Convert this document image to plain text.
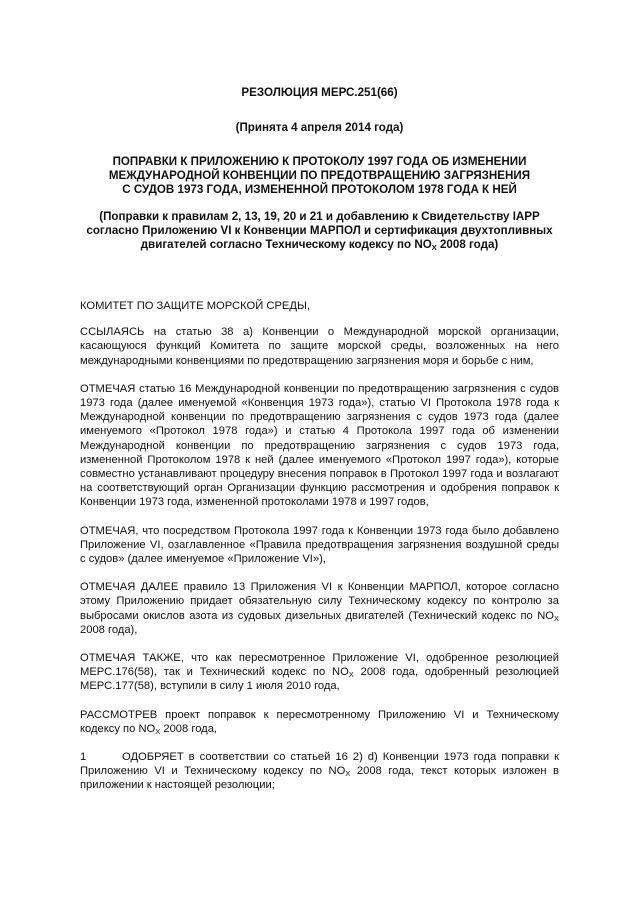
РЕЗОЛЮЦИЯ МЕРС.251(66)

(Принята 4 апреля 2014 года)

ПОПРАВКИ К ПРИЛОЖЕНИЮ К ПРОТОКОЛУ 1997 ГОДА ОБ ИЗМЕНЕНИИ
МЕЖДУНАРОДНОЙ КОНВЕНЦИИ ПО ПРЕДОТВРАЩЕНИЮ ЗАГРЯЗНЕНИЯ
С СУДОВ 1973 ГОДА, ИЗМЕНЕННОЙ ПРОТОКОЛОМ 1978 ГОДА К НЕЙ

(Поправки к правилам 2, 13, 19, 20 и 21 и добавлению к Свидетельству IAPP
согласно Приложению VI к Конвенции МАРПОЛ и сертификация двухтопливных
двигателей согласно Техническому кодексу по $NO_X$ 2008 года)

КОМИТЕТ ПО ЗАЩИТЕ МОРСКОЙ СРЕДЫ,

ССЫЛАЯСЬ на статью 38 а) Конвенции о Международной морской организации, касающуюся функций Комитета по защите морской среды, возложенных на него международными конвенциями по предотвращению загрязнения моря и борьбе с ним,

ОТМЕЧАЯ статью 16 Международной конвенции по предотвращению загрязнения с судов 1973 года (далее именуемой «Конвенция 1973 года»), статью VI Протокола 1978 года к Международной конвенции по предотвращению загрязнения с судов 1973 года (далее именуемого «Протокол 1978 года») и статью 4 Протокола 1997 года об изменении Международной конвенции по предотвращению загрязнения с судов 1973 года, измененной Протоколом 1978 к ней (далее именуемого «Протокол 1997 года»), которые совместно устанавливают процедуру внесения поправок в Протокол 1997 года и возлагают на соответствующий орган Организации функцию рассмотрения и одобрения поправок к Конвенции 1973 года, измененной протоколами 1978 и 1997 годов,

ОТМЕЧАЯ, что посредством Протокола 1997 года к Конвенции 1973 года было добавлено Приложение VI, озаглавленное «Правила предотвращения загрязнения воздушной среды с судов» (далее именуемое «Приложение VI»),

ОТМЕЧАЯ ДАЛЕЕ правило 13 Приложения VI к Конвенции МАРПОЛ, которое согласно этому Приложению придает обязательную силу Техническому кодексу по контролю за выбросами окислов азота из судовых дизельных двигателей (Технический кодекс по $NO_X$ 2008 года),

ОТМЕЧАЯ ТАКЖЕ, что как пересмотренное Приложение VI, одобренное резолюцией МЕРС.176(58), так и Технический кодекс по $NO_X$ 2008 года, одобренный резолюцией МЕРС.177(58), вступили в силу 1 июля 2010 года,

РАССМОТРЕВ проект поправок к пересмотренному Приложению VI и Техническому кодексу по $NO_X$ 2008 года,

1	ОДОБРЯЕТ в соответствии со статьей 16 2) d) Конвенции 1973 года поправки к Приложению VI и Техническому кодексу по $NO_X$ 2008 года, текст которых изложен в приложении к настоящей резолюции;
